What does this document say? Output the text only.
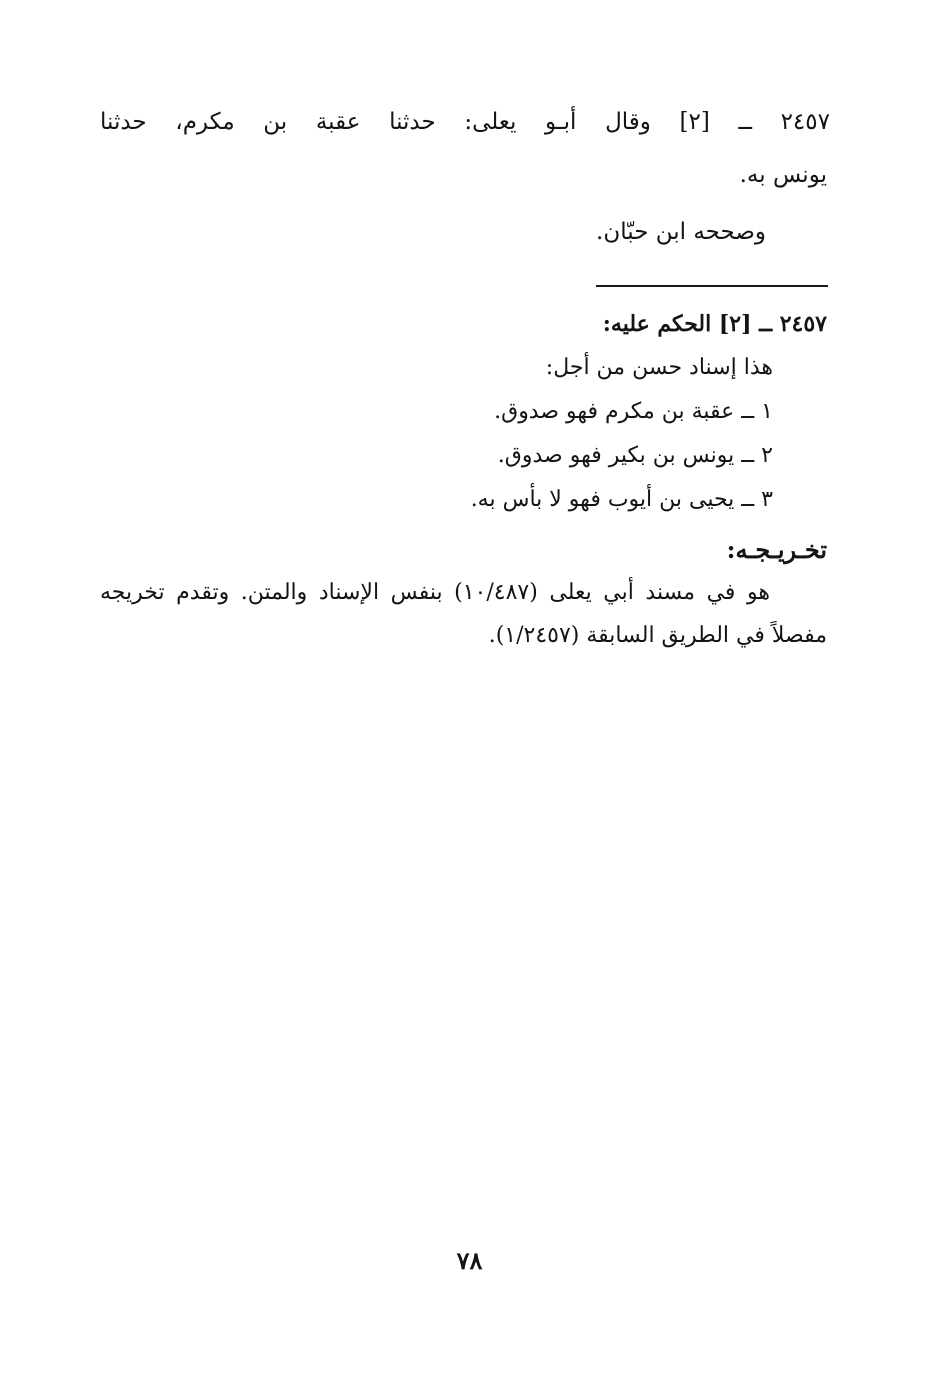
٢٤٥٧ ــ [٢] وقال أبـو يعلى: حدثنا عقبة بن مكرم، حدثنا
يونس به.
وصححه ابن حبّان.
٢٤٥٧ ــ [٢] الحكم عليه:
هذا إسناد حسن من أجل:
١ ــ عقبة بن مكرم فهو صدوق.
٢ ــ يونس بن بكير فهو صدوق.
٣ ــ يحيى بن أيوب فهو لا بأس به.
تخـريـجـه:
هو في مسند أبي يعلى (١٠/٤٨٧) بنفس الإسناد والمتن. وتقدم تخريجه
مفصلاً في الطريق السابقة (١/٢٤٥٧).
٧٨
